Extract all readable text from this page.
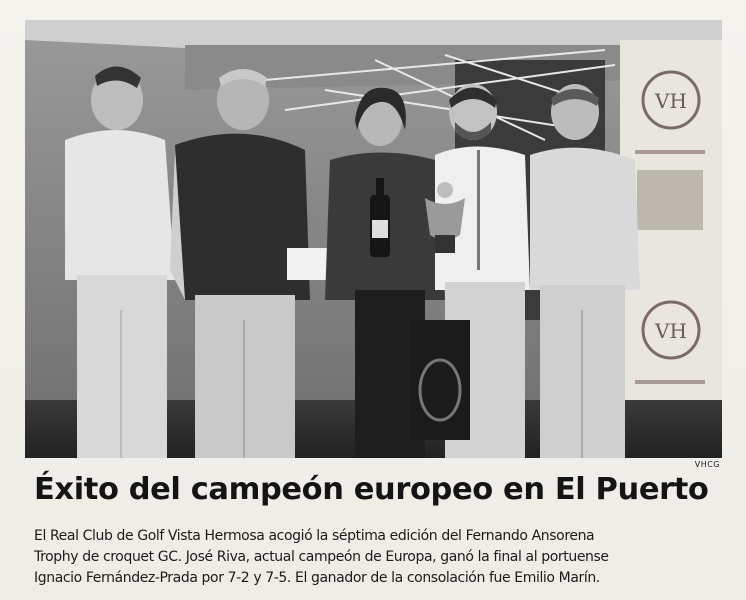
VH
VH
VHCG
Éxito del campeón europeo en El Puerto
El Real Club de Golf Vista Hermosa acogió la séptima edición del Fernando Ansorena
Trophy de croquet GC. José Riva, actual campeón de Europa, ganó la final al portuense
Ignacio Fernández-Prada por 7-2 y 7-5. El ganador de la consolación fue Emilio Marín.
